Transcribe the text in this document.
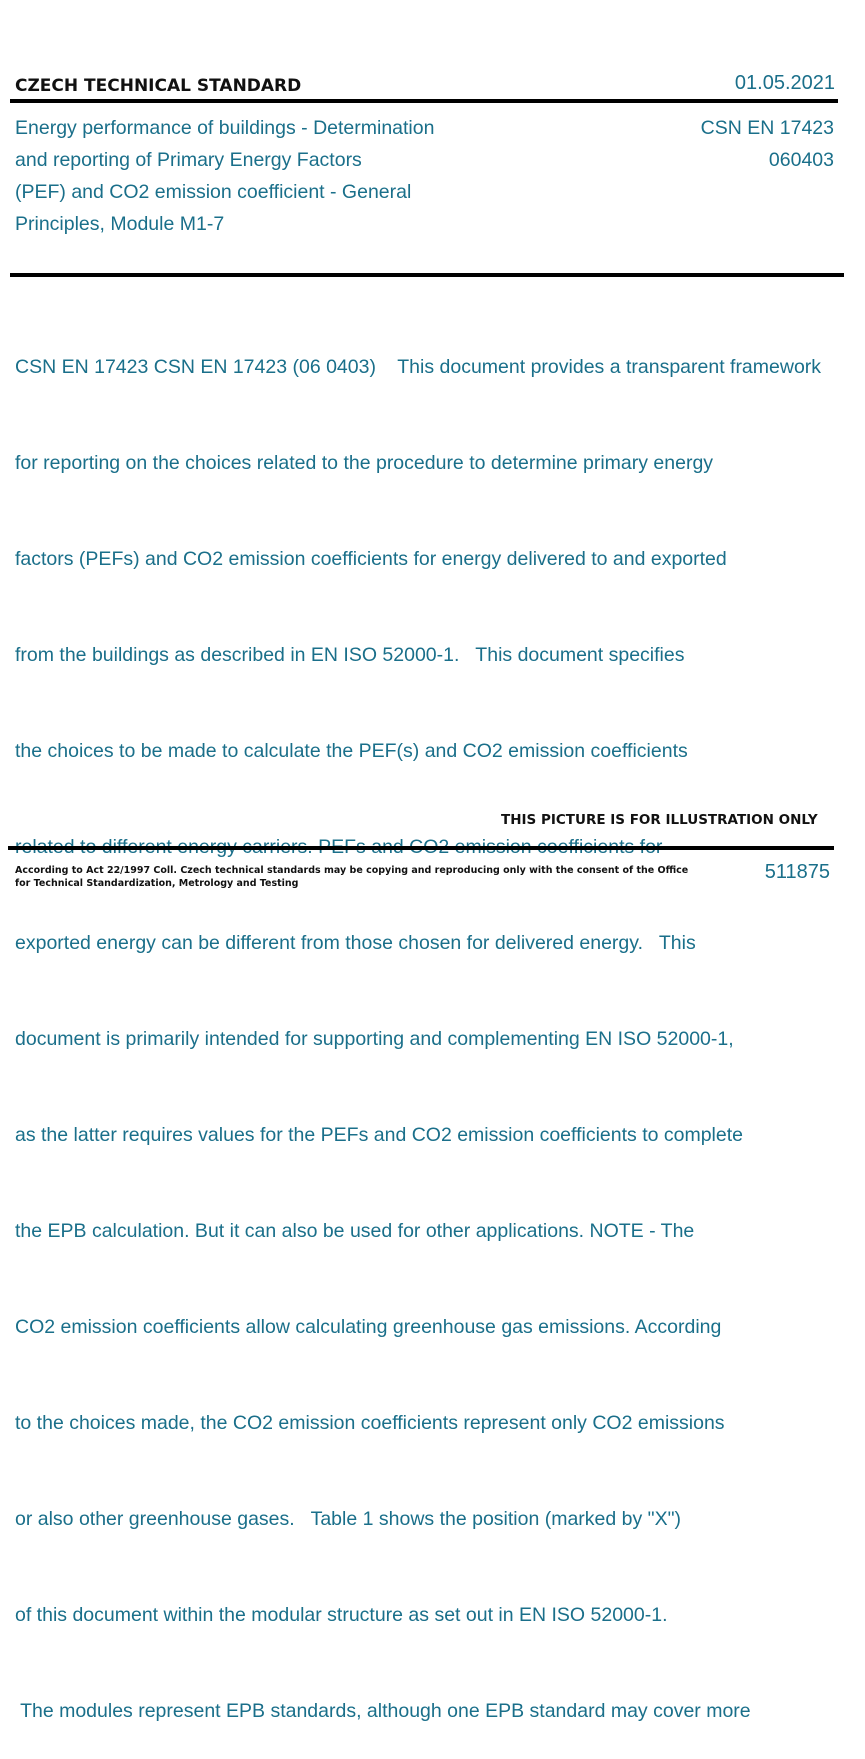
CZECH TECHNICAL STANDARD	01.05.2021
Energy performance of buildings - Determination
and reporting of Primary Energy Factors
(PEF) and CO2 emission coefficient - General
Principles, Module M1-7
CSN EN 17423
060403

CSN EN 17423 CSN EN 17423 (06 0403)    This document provides a transparent framework

for reporting on the choices related to the procedure to determine primary energy

factors (PEFs) and CO2 emission coefficients for energy delivered to and exported

from the buildings as described in EN ISO 52000-1.   This document specifies

the choices to be made to calculate the PEF(s) and CO2 emission coefficients

related to different energy carriers. PEFs and CO2 emission coefficients for

exported energy can be different from those chosen for delivered energy.   This

document is primarily intended for supporting and complementing EN ISO 52000-1,

as the latter requires values for the PEFs and CO2 emission coefficients to complete

the EPB calculation. But it can also be used for other applications. NOTE - The

CO2 emission coefficients allow calculating greenhouse gas emissions. According

to the choices made, the CO2 emission coefficients represent only CO2 emissions

or also other greenhouse gases.   Table 1 shows the position (marked by "X")

of this document within the modular structure as set out in EN ISO 52000-1.

The modules represent EPB standards, although one EPB standard may cover more

THIS PICTURE IS FOR ILLUSTRATION ONLY
According to Act 22/1997 Coll. Czech technical standards may be copying and reproducing only with the consent of the Office
for Technical Standardization, Metrology and Testing
511875
